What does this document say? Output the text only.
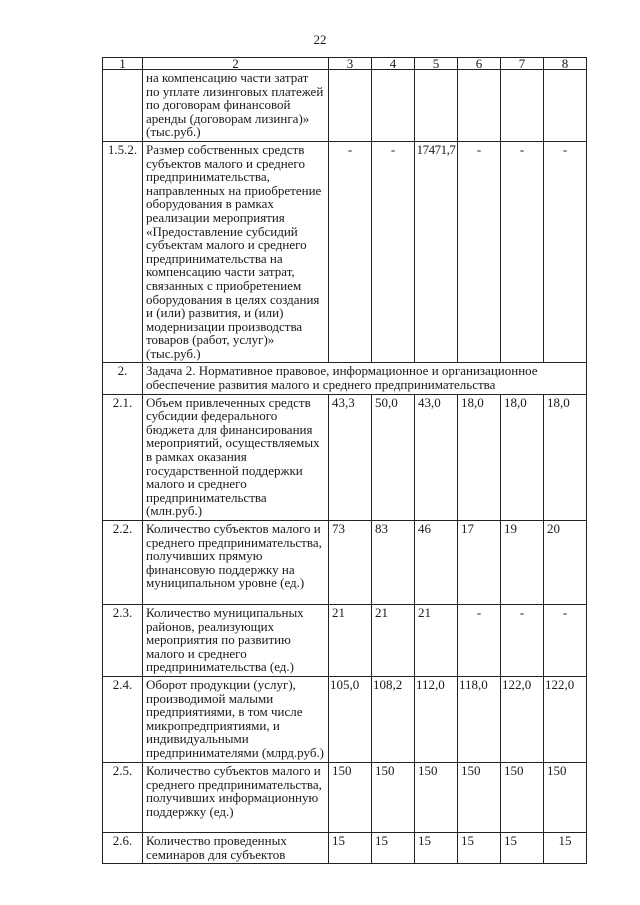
22
1	2	3	4	5	6	7	8
	на компенсацию части затрат по уплате лизинговых платежей по договорам финансовой аренды (договорам лизинга)» (тыс.руб.)						
1.5.2.	Размер собственных средств субъектов малого и среднего предпринимательства, направленных на приобретение оборудования в рамках реализации мероприятия «Предоставление субсидий субъектам малого и среднего предпринимательства на компенсацию части затрат, связанных с приобретением оборудования в целях создания и (или) развития, и (или) модернизации производства товаров (работ, услуг)» (тыс.руб.)	-	-	17471,7	-	-	-
2.	Задача 2. Нормативное правовое, информационное и организационное обеспечение развития малого и среднего предпринимательства						
2.1.	Объем привлеченных средств субсидии федерального бюджета для финансирования мероприятий, осуществляемых в рамках оказания государственной поддержки малого и среднего предпринимательства (млн.руб.)	43,3	50,0	43,0	18,0	18,0	18,0
2.2.	Количество субъектов малого и среднего предпринимательства, получивших прямую финансовую поддержку на муниципальном уровне (ед.)	73	83	46	17	19	20
2.3.	Количество муниципальных районов, реализующих мероприятия по развитию малого и среднего предпринимательства (ед.)	21	21	21	-	-	-
2.4.	Оборот продукции (услуг), производимой малыми предприятиями, в том числе микропредприятиями, и индивидуальными предпринимателями (млрд.руб.)	105,0	108,2	112,0	118,0	122,0	122,0
2.5.	Количество субъектов малого и среднего предпринимательства, получивших информационную поддержку (ед.)	150	150	150	150	150	150
2.6.	Количество проведенных семинаров для субъектов	15	15	15	15	15	15
